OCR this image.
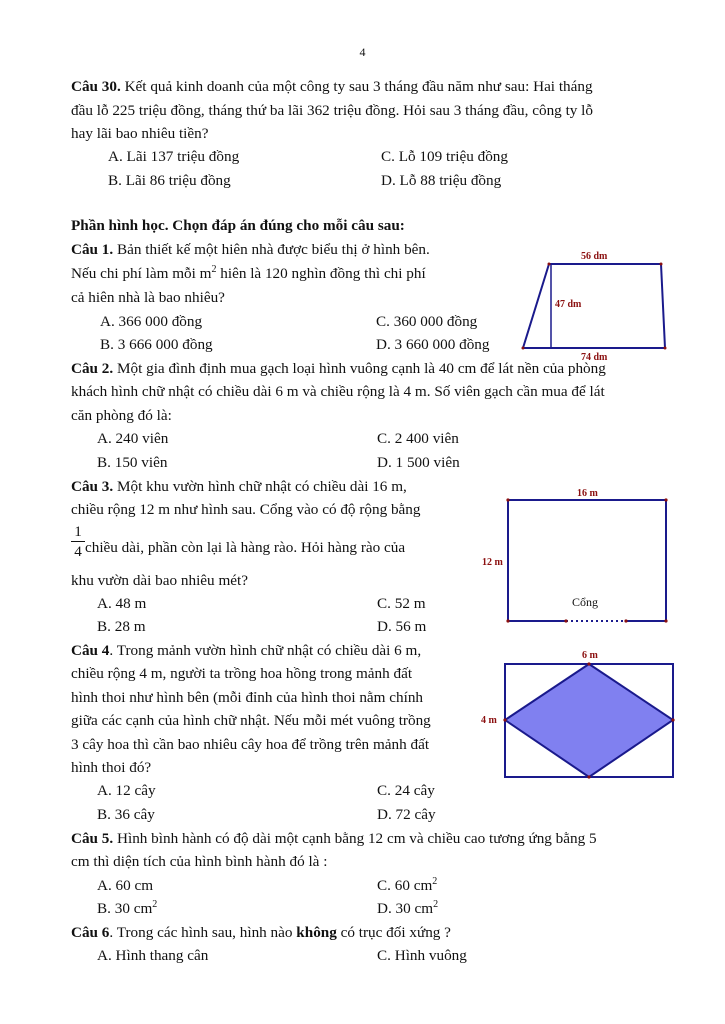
4
Câu 30. Kết quả kinh doanh của một công ty sau 3 tháng đầu năm như sau: Hai tháng
đầu lỗ 225 triệu đồng, tháng thứ ba lãi 362 triệu đồng. Hỏi sau 3 tháng đầu, công ty lỗ
hay lãi bao nhiêu tiền?
A. Lãi 137 triệu đồng	C. Lỗ 109 triệu đồng
B. Lãi 86 triệu đồng	D. Lỗ 88 triệu đồng
Phần hình học. Chọn đáp án đúng cho mỗi câu sau:
Câu 1. Bản thiết kế một hiên nhà được biểu thị ở hình bên.
Nếu chi phí làm mỗi $m^2$ hiên là 120 nghìn đồng thì chi phí
cả hiên nhà là bao nhiêu?
A. 366 000 đồng	C. 360 000 đồng
B. 3 666 000 đồng	D. 3 660 000 đồng
56 dm
47 dm
74 dm
Câu 2. Một gia đình định mua gạch loại hình vuông cạnh là 40 cm để lát nền của phòng
khách hình chữ nhật có chiều dài 6 m và chiều rộng là 4 m. Số viên gạch cần mua để lát
căn phòng đó là:
A. 240 viên	C. 2 400 viên
B. 150 viên	D. 1 500 viên
Câu 3. Một khu vườn hình chữ nhật có chiều dài 16 m,
chiều rộng 12 m như hình sau. Cổng vào có độ rộng bằng
1
4 chiều dài, phần còn lại là hàng rào. Hỏi hàng rào của
khu vườn dài bao nhiêu mét?
A. 48 m	C. 52 m
B. 28 m	D. 56 m
16 m
12 m
Cổng
Câu 4. Trong mảnh vườn hình chữ nhật có chiều dài 6 m,
chiều rộng 4 m, người ta trồng hoa hồng trong mảnh đất
hình thoi như hình bên (mỗi đỉnh của hình thoi nằm chính
giữa các cạnh của hình chữ nhật. Nếu mỗi mét vuông trồng
3 cây hoa thì cần bao nhiêu cây hoa để trồng trên mảnh đất
hình thoi đó?
A. 12 cây	C. 24 cây
B. 36 cây	D. 72 cây
6 m
4 m
Câu 5. Hình bình hành có độ dài một cạnh bằng 12 cm và chiều cao tương ứng bằng 5
cm thì diện tích của hình bình hành đó là :
A. 60 cm	C. 60 $cm^2$
B. 30 $cm^2$	D. 30 $cm^2$
Câu 6. Trong các hình sau, hình nào không có trục đối xứng ?
A. Hình thang cân	C. Hình vuông
